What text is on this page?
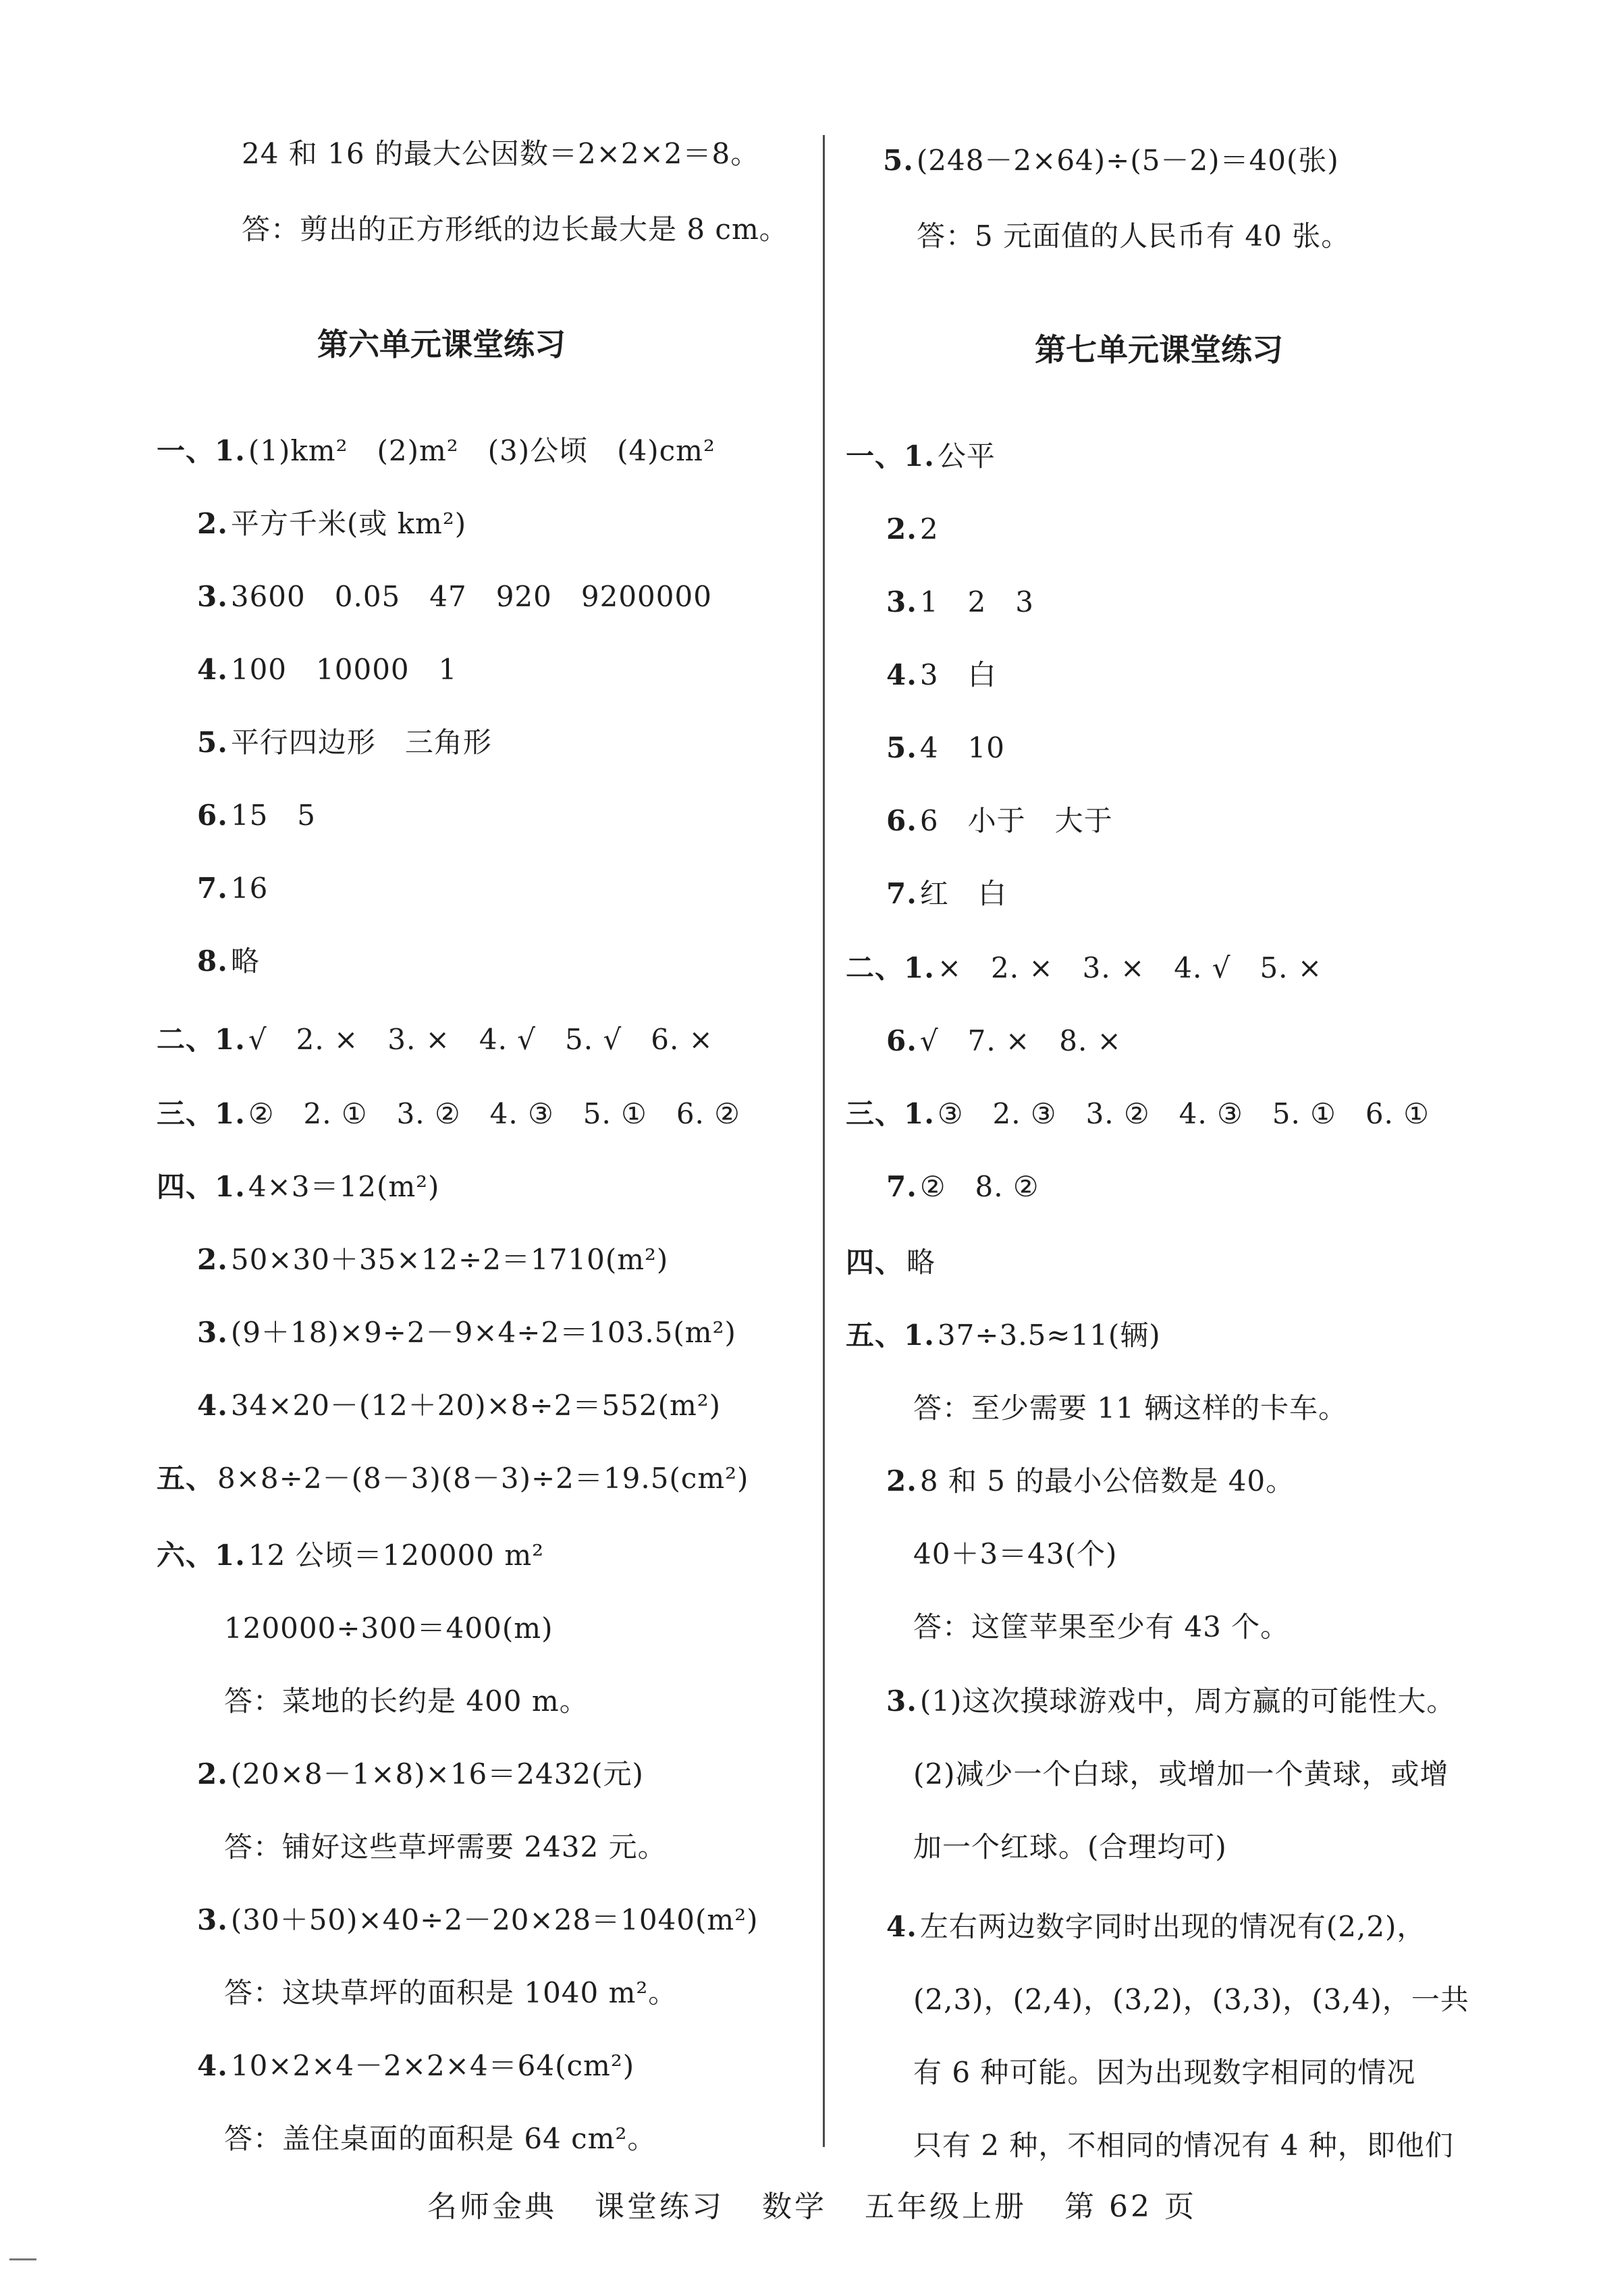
24 和 16 的最大公因数＝2×2×2＝8。
答：剪出的正方形纸的边长最大是 8 cm。
第六单元课堂练习
一、1.(1)km²　(2)m²　(3)公顷　(4)cm²
2.平方千米(或 km²)
3.3600　0.05　47　920　9200000
4.100　10000　1
5.平行四边形　三角形
6.15　5
7.16
8.略
二、1.√　2. ×　3. ×　4. √　5. √　6. ×
三、1.②　2. ①　3. ②　4. ③　5. ①　6. ②
四、1.4×3＝12(m²)
2.50×30＋35×12÷2＝1710(m²)
3.(9＋18)×9÷2－9×4÷2＝103.5(m²)
4.34×20－(12＋20)×8÷2＝552(m²)
五、8×8÷2－(8－3)(8－3)÷2＝19.5(cm²)
六、1.12 公顷＝120000 m²
120000÷300＝400(m)
答：菜地的长约是 400 m。
2.(20×8－1×8)×16＝2432(元)
答：铺好这些草坪需要 2432 元。
3.(30＋50)×40÷2－20×28＝1040(m²)
答：这块草坪的面积是 1040 m²。
4.10×2×4－2×2×4＝64(cm²)
答：盖住桌面的面积是 64 cm²。
5.(248－2×64)÷(5－2)＝40(张)
答：5 元面值的人民币有 40 张。
第七单元课堂练习
一、1.公平
2.2
3.1　2　3
4.3　白
5.4　10
6.6　小于　大于
7.红　白
二、1.×　2. ×　3. ×　4. √　5. ×
6.√　7. ×　8. ×
三、1.③　2. ③　3. ②　4. ③　5. ①　6. ①
7.②　8. ②
四、略
五、1.37÷3.5≈11(辆)
答：至少需要 11 辆这样的卡车。
2.8 和 5 的最小公倍数是 40。
40＋3＝43(个)
答：这筐苹果至少有 43 个。
3.(1)这次摸球游戏中，周方赢的可能性大。
(2)减少一个白球，或增加一个黄球，或增
加一个红球。(合理均可)
4.左右两边数字同时出现的情况有(2,2)，
(2,3)，(2,4)，(3,2)，(3,3)，(3,4)，一共
有 6 种可能。因为出现数字相同的情况
只有 2 种，不相同的情况有 4 种，即他们
名师金典 课堂练习 数学 五年级上册 第 62 页
